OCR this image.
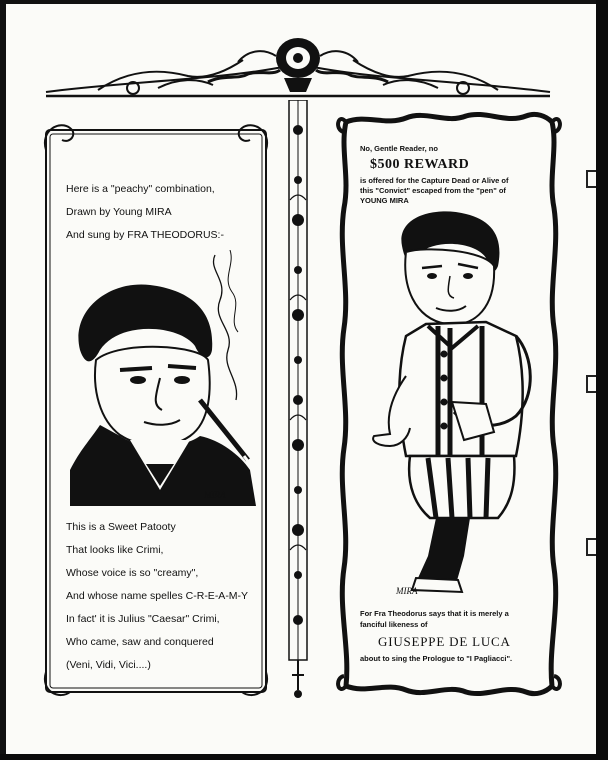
Here is a "peachy" combination,
Drawn by Young MIRA
And sung by FRA THEODORUS:-
MIRA
This is a Sweet Patooty
That looks like Crimi,
Whose voice is so "creamy",
And whose name spelles C-R-E-A-M-Y
In fact' it is Julius "Caesar" Crimi,
Who came, saw and conquered
(Veni, Vidi, Vici....)
No, Gentle Reader, no
$500 REWARD
is offered for the Capture Dead or Alive of
this "Convict" escaped from the "pen" of
YOUNG MIRA
MIRA
For Fra Theodorus says that it is merely a
fanciful likeness of
GIUSEPPE DE LUCA
about to sing the Prologue to "I Pagliacci".
